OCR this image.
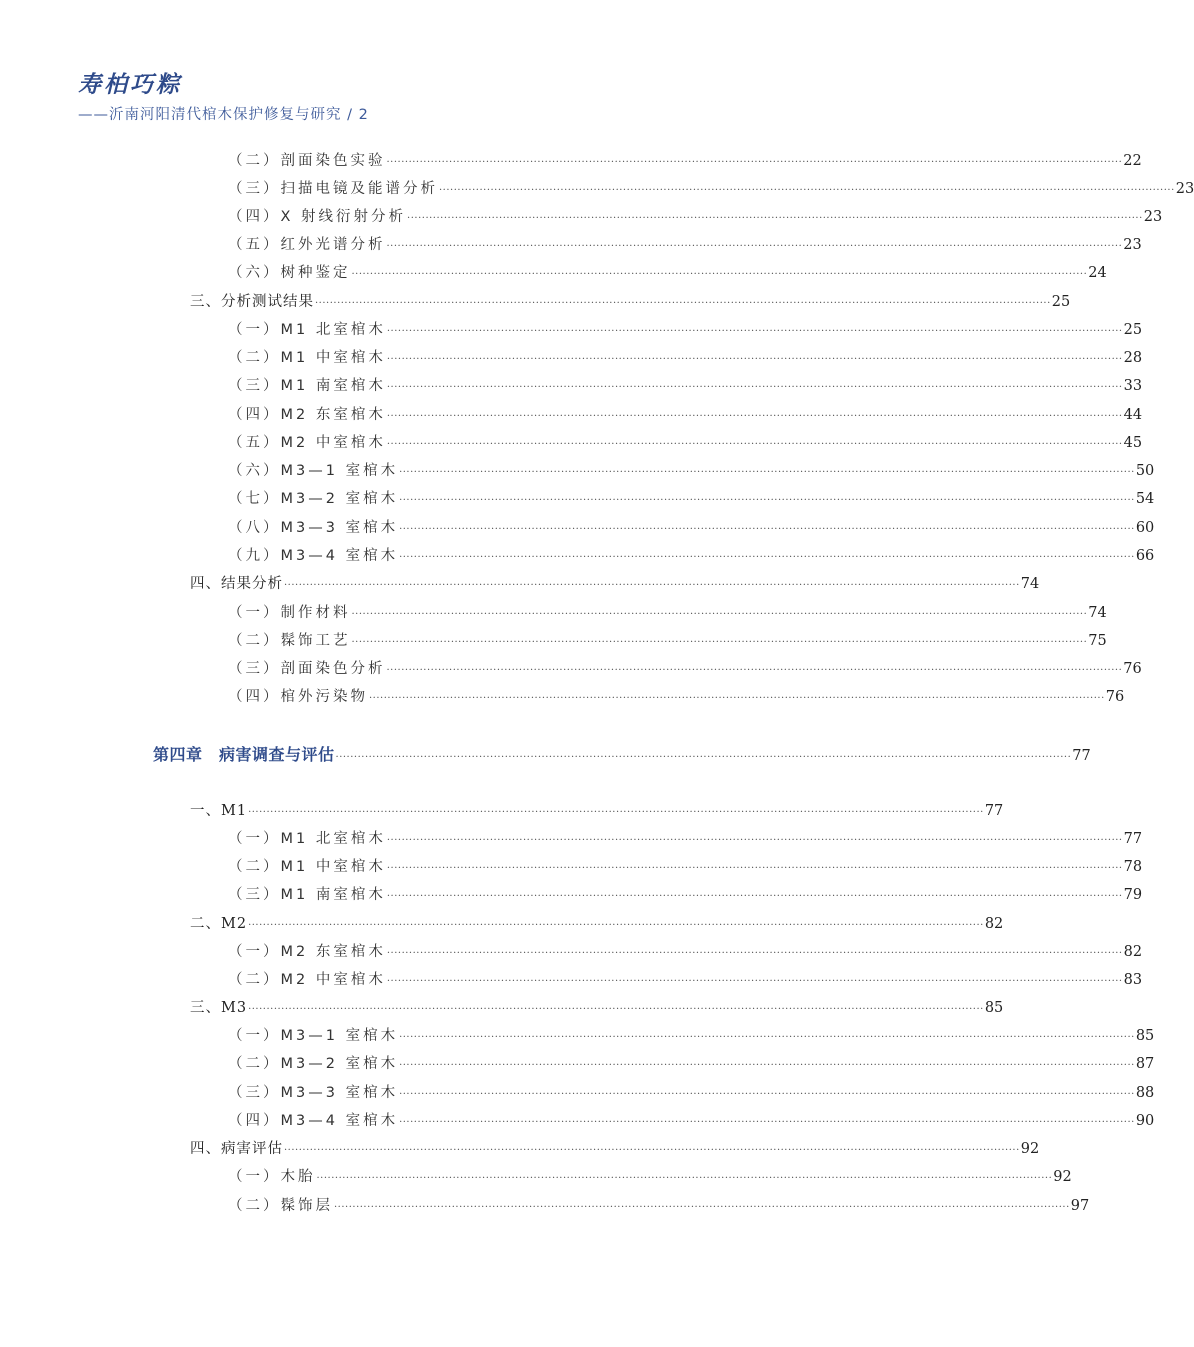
寿柏巧粽
——沂南河阳清代棺木保护修复与研究 / 2
（二）剖面染色实验 ········································································································································································································ 22
（三）扫描电镜及能谱分析 ········································································································································································································ 23
（四）X 射线衍射分析 ········································································································································································································ 23
（五）红外光谱分析 ········································································································································································································ 23
（六）树种鉴定 ········································································································································································································ 24
三、分析测试结果 ········································································································································································································ 25
（一）M1 北室棺木 ········································································································································································································ 25
（二）M1 中室棺木 ········································································································································································································ 28
（三）M1 南室棺木 ········································································································································································································ 33
（四）M2 东室棺木 ········································································································································································································ 44
（五）M2 中室棺木 ········································································································································································································ 45
（六）M3—1 室棺木 ········································································································································································································ 50
（七）M3—2 室棺木 ········································································································································································································ 54
（八）M3—3 室棺木 ········································································································································································································ 60
（九）M3—4 室棺木 ········································································································································································································ 66
四、结果分析 ········································································································································································································ 74
（一）制作材料 ········································································································································································································ 74
（二）髹饰工艺 ········································································································································································································ 75
（三）剖面染色分析 ········································································································································································································ 76
（四）棺外污染物 ········································································································································································································ 76
第四章　病害调查与评估 ········································································································································································································ 77
一、M1 ········································································································································································································ 77
（一）M1 北室棺木 ········································································································································································································ 77
（二）M1 中室棺木 ········································································································································································································ 78
（三）M1 南室棺木 ········································································································································································································ 79
二、M2 ········································································································································································································ 82
（一）M2 东室棺木 ········································································································································································································ 82
（二）M2 中室棺木 ········································································································································································································ 83
三、M3 ········································································································································································································ 85
（一）M3—1 室棺木 ········································································································································································································ 85
（二）M3—2 室棺木 ········································································································································································································ 87
（三）M3—3 室棺木 ········································································································································································································ 88
（四）M3—4 室棺木 ········································································································································································································ 90
四、病害评估 ········································································································································································································ 92
（一）木胎 ········································································································································································································ 92
（二）髹饰层 ········································································································································································································ 97
